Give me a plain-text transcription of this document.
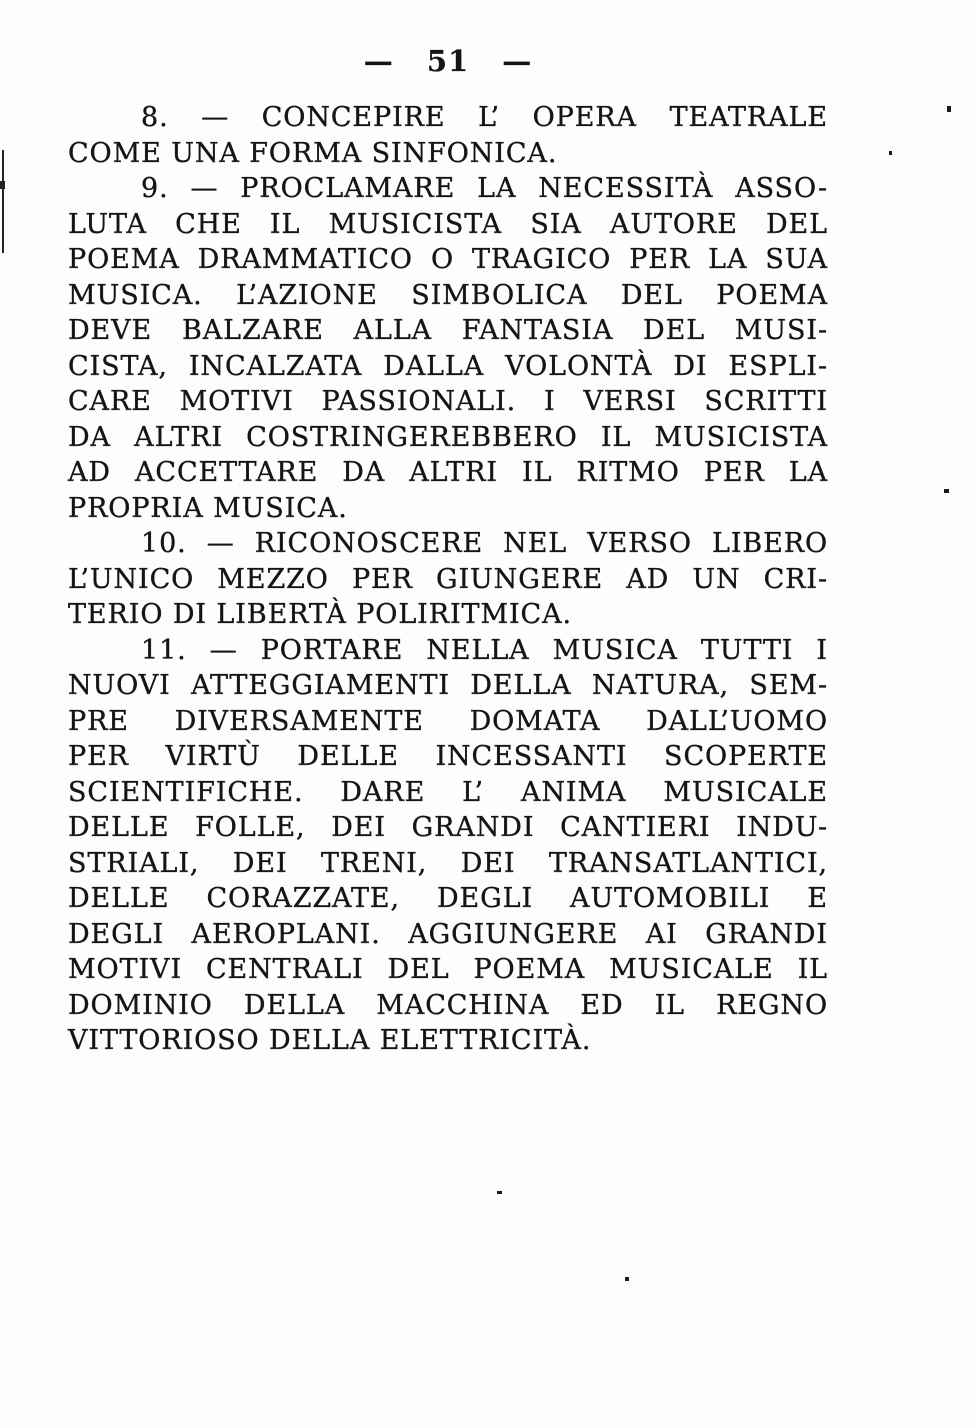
— 51 —
8. — CONCEPIRE L’ OPERA TEATRALE
COME UNA FORMA SINFONICA.
9. — PROCLAMARE LA NECESSITÀ ASSO-
LUTA CHE IL MUSICISTA SIA AUTORE DEL
POEMA DRAMMATICO O TRAGICO PER LA SUA
MUSICA. L’AZIONE SIMBOLICA DEL POEMA
DEVE BALZARE ALLA FANTASIA DEL MUSI-
CISTA, INCALZATA DALLA VOLONTÀ DI ESPLI-
CARE MOTIVI PASSIONALI. I VERSI SCRITTI
DA ALTRI COSTRINGEREBBERO IL MUSICISTA
AD ACCETTARE DA ALTRI IL RITMO PER LA
PROPRIA MUSICA.
10. — RICONOSCERE NEL VERSO LIBERO
L’UNICO MEZZO PER GIUNGERE AD UN CRI-
TERIO DI LIBERTÀ POLIRITMICA.
11. — PORTARE NELLA MUSICA TUTTI I
NUOVI ATTEGGIAMENTI DELLA NATURA, SEM-
PRE DIVERSAMENTE DOMATA DALL’UOMO
PER VIRTÙ DELLE INCESSANTI SCOPERTE
SCIENTIFICHE. DARE L’ ANIMA MUSICALE
DELLE FOLLE, DEI GRANDI CANTIERI INDU-
STRIALI, DEI TRENI, DEI TRANSATLANTICI,
DELLE CORAZZATE, DEGLI AUTOMOBILI E
DEGLI AEROPLANI. AGGIUNGERE AI GRANDI
MOTIVI CENTRALI DEL POEMA MUSICALE IL
DOMINIO DELLA MACCHINA ED IL REGNO
VITTORIOSO DELLA ELETTRICITÀ.
